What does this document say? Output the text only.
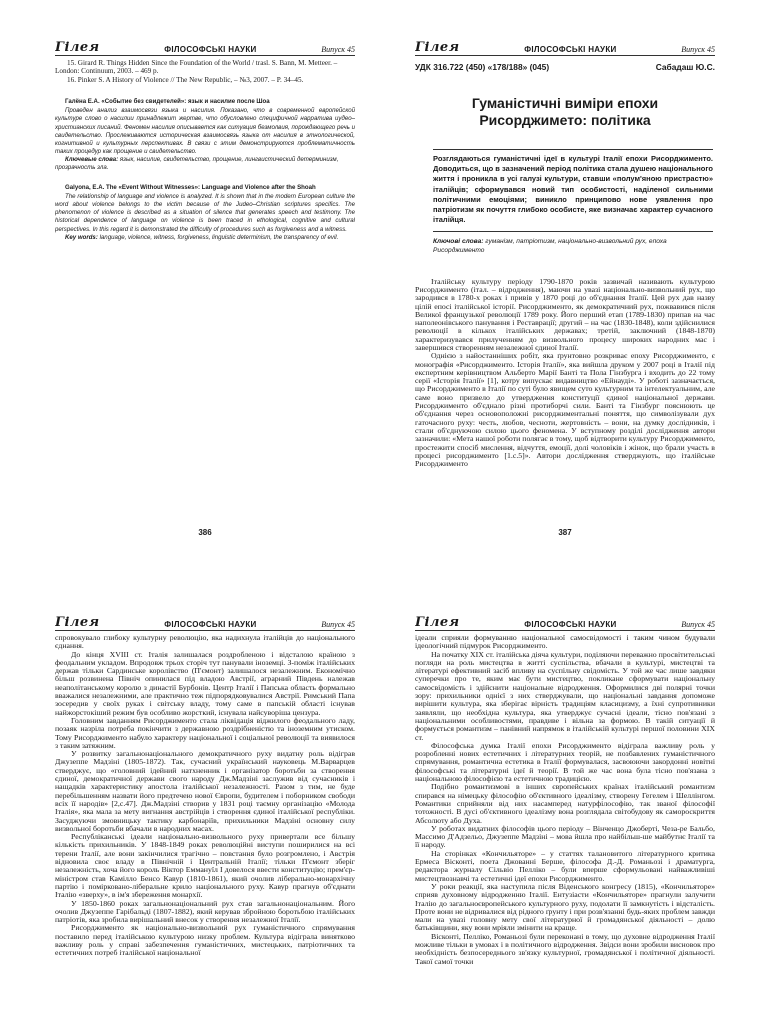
Гілея	ФІЛОСОФСЬКІ НАУКИ	Випуск 45

15. Girard R. Things Hidden Since the Foundation of the World / trasl. S. Bann, M. Metteer. – London: Continuum, 2003. – 469 p.

16. Pinker S. A History of Violence // The New Republic, – №3, 2007. – P. 34–45.

Галёна Е.А. «Событие без свидетелей»: язык и насилие после Шоа

Проведен анализ взаимосвязи языка и насилия. Показано, что в современной европейской культуре слово о насилии принадлежит жертве, что обусловлено специфичной нарратива иудео–христианских писаний. Феномен насилия описывается как ситуация безмолвия, порождающего речь и свидетельство. Прослеживаются историческая взаимосвязь языка от насилия в этнологической, когнитивной и культурных перспективах. В связи с этим демонстрируются проблематичность таких процедур как прощение и свидетельство.

Ключевые слова: язык, насилие, свидетельство, прощение, лингвистический детерминизм, прозрачность зла.

Galyona, E.A. The «Event Without Witnesses»: Language and Violence after the Shoah

The relationship of language and violence is analyzed. It is shown that in the modern European culture the word about violence belongs to the victim because of the Judeo–Christian scriptures specifics. The phenomenon of violence is described as a situation of silence that generates speech and testimony. The historical dependence of language on violence is been traced in ethological, cognitive and cultural perspectives. In this regard it is demonstrated the difficulty of procedures such as forgiveness and a witness.

Key words: language, violence, witness, forgiveness, linguistic determinism, the transparency of evil.

386
Гілея	ФІЛОСОФСЬКІ НАУКИ	Випуск 45
УДК 316.722 (450) «178/188» (045)	Сабадаш Ю.С.
Гуманістичні виміри епохи
Рисорджимето: політика

Розглядаються гуманістичні ідеї в культурі Італії епохи Рисорджименто. Доводиться, що в зазначений період політика стала душею національного життя і проникла в усі галузі культури, ставши «полум'яною пристрастю» італійців; сформувався новий тип особистості, наділеної сильними політичними емоціями; виникло принципово нове уявлення про патріотизм як почуття глибоко особисте, яке визначає характер сучасного італійця.

Ключові слова: гуманізм, патріотизм, національно-визвольний рух, епоха Рисорджименто

Італійську культуру періоду 1790-1870 років зазвичай називають культурою Рисорджименто (італ. – відродження), маючи на увазі національно-визвольний рух, що зародився в 1780-х роках і привів у 1870 році до об'єднання Італії. Цей рух дав назву цілій епосі італійської історії. Рисорджименто, як демократичний рух, пожвавився після Великої французької революції 1789 року. Його перший етап (1789-1830) припав на час наполеонівського панування і Реставрації; другий – на час (1830-1848), коли здійснилися революції в кількох італійських державах; третій, заключний (1848-1870) характеризувався прилученням до визвольного процесу широких народних мас і завершився створенням незалежної єдиної Італії.

Однією з найостанніших робіт, яка ґрунтовно розкриває епоху Рисорджименто, є монографія «Рисорджименто. Історія Італії», яка вийшла друком у 2007 році в Італії під експертним керівництвом Альберто Марії Банті та Пола Гінзбурга і входить до 22 тому серії «Історія Італії» [1], котру випускає видавництво «Ейнауді». У роботі зазначається, що Рисорджименто в Італії по суті було явищем суто культурним та інтелектуальним, але саме воно призвело до утвердження конституції єдиної національної держави. Рисорджименто об'єднало різні протиборчі сили. Банті та Гінзбург пояснюють це об'єднання через основоположні рисорджиментальні поняття, що символізували дух гаточасного руху: честь, любов, чесноти, жертовність – вони, на думку дослідників, і стали об'єднуючою силою цього феномена. У вступному розділі дослідження автори зазначили: «Мета нашої роботи полягає в тому, щоб відтворити культуру Рисорджименто, простежити спосіб мислення, відчуття, емоції, долі чоловіків і жінок, що брали участь в процесі рисорджименто [1.c.5]». Автори дослідження стверджують, що італійське Рисорджименто

387
Гілея	ФІЛОСОФСЬКІ НАУКИ	Випуск 45

спровокувало глибоку культурну революцію, яка надихнула італійців до національного єднання.

До кінця XVIII ст. Італія залишалася роздробленою і відсталою країною з феодальним укладом. Впродовж трьох сторіч тут панували іноземці. З-поміж італійських держав тільки Сардинське королівство (П'ємонт) залишалося незалежним. Економічно більш розвинена Північ опинилася під владою Австрії, аграрний Південь належав неаполітанському королю з династії Бурбонів. Центр Італії і Папська область формально вважалися незалежними, але практично теж підпорядковувалися Австрії. Римський Папа зосередив у своїх руках і світську владу, тому саме в папській області існував найжорстокіший режим був особливо жорсткий, існувала найсуворіша цензура.

Головним завданням Рисорджименто стала ліквідація віджилого феодального ладу, позаяк назріла потреба покінчити з державною роздрібненістю та іноземним утиском. Тому Рисорджименто набуло характеру національної і соціальної революції та виявилося з таким затяжним.

У розвитку загальнонаціонального демократичного руху видатну роль відіграв Джузеппе Мадзіні (1805-1872). Так, сучасний український науковець М.Варварцев стверджує, що «головний ідейний натхненник і організатор боротьби за створення єдиної, демократичної держави свого народу Дж.Мадзіні заслужив від сучасників і нащадків характеристику апостола італійської незалежності. Разом з тим, не буде перебільшенням назвати його предтечею нової Європи, будителем і поборником свободи всіх її народів» [2,с.47]. Дж.Мадзіні створив у 1831 році таємну організацію «Молода Італія», яка мала за мету вигнання австрійців і створення єдиної італійської республіки. Засуджуючи змовницьку тактику карбонаріїв, прихильники Мадзіні основну силу визвольної боротьби вбачали в народних масах.

Республіканські ідеали національно-визвольного руху привертали все більшу кількість прихильників. У 1848-1849 роках революційні виступи поширилися на всі терени Італії, але вони закінчилися трагічно – повстання було розгромлено, і Австрія відновила своє владу в Північній і Центральній Італії; тільки П'ємонт зберіг незалежність, хоча його король Віктор Еммануїл I довелося ввести конституцію; прем'єр-міністром став Камілло Бенсо Кавур (1810-1861), який очолив ліберально-монархічну партію і поміркованo-ліберальне крило національного руху. Кавур прагнув об'єднати Італію «зверху», в ім'я збереження монархії.

У 1850-1860 роках загальнонаціональний рух став загальнонаціональним. Його очолив Джузеппе Гарібальді (1807-1882), який керував збройною боротьбою італійських патріотів, яка зробила вирішальний внесок у створення незалежної Італії.

Рисорджименто як національно-визвольний рух гуманістичного спрямування поставило перед італійською культурою низку проблем. Культура відіграла винятково важливу роль у справі забезпечення гуманістичних, мистецьких, патріотичних та естетичних потреб італійської національної

Гілея	ФІЛОСОФСЬКІ НАУКИ	Випуск 45

ідеали сприяли формуванню національної самосвідомості і таким чином будували ідеологічний підмурок Рисорджименто.

На початку XIX ст. італійська діяча культури, поділяючи переважно просвітительські погляди на роль мистецтва в житті суспільства, вбачали в культурі, мистецтві та літературі ефективний засіб впливу на суспільну свідомість. У той же час лише завдяки суперечки про те, яким має бути мистецтво, покликане сформувати національну самосвідомість і здійснити національне відродження. Оформилися дві полярні точки зору: прихильники однієї з них стверджували, що національні завдання допоможе вирішити культура, яка зберігає вірність традиціям класицизму, а їхні супротивники заявляли, що необхідна культура, яка утверджує сучасні ідеали, тісно пов'язані з національними особливостями, правдиве і вільна за формою. В такій ситуації й формується романтизм – панівний напрямок в італійській культурі першої половини XIX ст.

Філософська думка Італії епохи Рисорджименто відіграла важливу роль у розробленні нових естетичних і літературних теорій, не позбавлених гуманістичного спрямування, романтична естетика в Італії формувалася, засвоюючи закордонні новітні філософські та літературні ідеї й теорії. В той же час вона була тісно пов'язана з національною філософією та естетичною традицією.

Подібно романтизмові в інших європейських країнах італійський романтизм спирався на німецьку філософію об'єктивного ідеалізму, створену Гегелем і Шеллінгом. Романтики сприйняли від них насамперед натурфілософію, так званої філософії тотожності. В дусі об'єктивного ідеалізму вона розглядала світобудову як самороскриття Абсолюту або Духа.

У роботах видатних філософів цього періоду – Вінченцо Джоберті, Чеза-ре Бальбо, Массимо Д'Адзельо, Джузеппе Мадзіні – мова йшла про найбільш-ше майбутнє Італії та її народу.

На сторінках «Кончильяторе» – у статтях талановитого літературного критика Ермеса Вісконті, поета Джованні Берше, філософа Д.-Д. Романьозі і драматурга, редактора журналу Сільвіо Пелліко – були вперше сформульовані найважливіші мистецтвознавчі та естетичні ідеї епохи Рисорджименто.

У роки реакції, яка наступила після Віденського конгресу (1815), «Кончильяторе» сприяв духовному відродженню Італії. Ентузіасти «Кончильяторе» прагнули залучити Італію до загальноєвропейського культурного руху, подолати її замкнутість і відсталість. Проте вони не відривалися від рідного ґрунту і при розв'язанні будь-яких проблем завжди мали на увазі головну мету свої літературної й громадянської діяльності – долю батьківщини, яку вони мріяли змінити на краще.

Вісконті, Пелліко, Романьозі були переконані в тому, що духовне відродження Італії можливе тільки в умовах і в політичного відродження. Звідси вони зробили висновок про необхідність безпосереднього зв'язку культурної, громадянської і політичної діяльності. Такої самої точки
